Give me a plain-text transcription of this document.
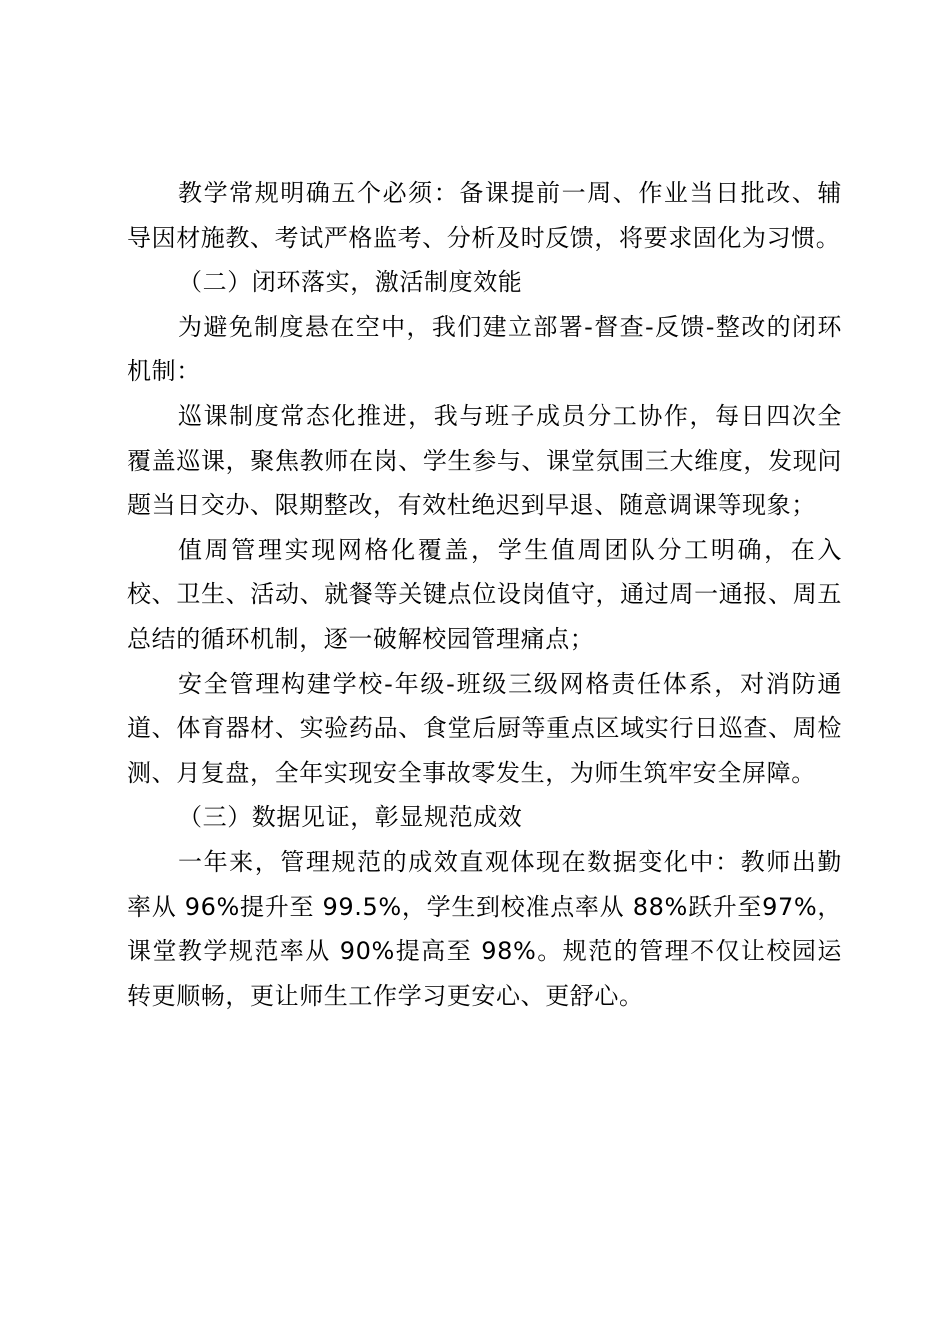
教学常规明确五个必须：备课提前一周、作业当日批改、辅导因材施教、考试严格监考、分析及时反馈，将要求固化为习惯。

（二）闭环落实，激活制度效能

为避免制度悬在空中，我们建立部署-督查-反馈-整改的闭环机制：

巡课制度常态化推进，我与班子成员分工协作，每日四次全覆盖巡课，聚焦教师在岗、学生参与、课堂氛围三大维度，发现问题当日交办、限期整改，有效杜绝迟到早退、随意调课等现象；

值周管理实现网格化覆盖，学生值周团队分工明确，在入校、卫生、活动、就餐等关键点位设岗值守，通过周一通报、周五总结的循环机制，逐一破解校园管理痛点；

安全管理构建学校-年级-班级三级网格责任体系，对消防通道、体育器材、实验药品、食堂后厨等重点区域实行日巡查、周检测、月复盘，全年实现安全事故零发生，为师生筑牢安全屏障。

（三）数据见证，彰显规范成效

一年来，管理规范的成效直观体现在数据变化中：教师出勤率从 96%提升至 99.5%，学生到校准点率从 88%跃升至97%，课堂教学规范率从 90%提高至 98%。规范的管理不仅让校园运转更顺畅，更让师生工作学习更安心、更舒心。
